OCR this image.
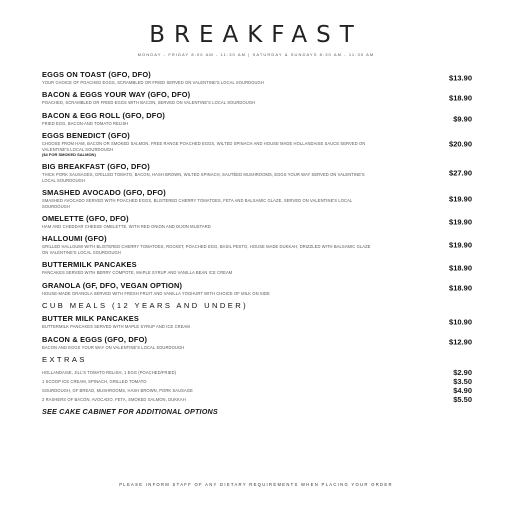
BREAKFAST
MONDAY - FRIDAY 8:00 AM - 11:30 AM | SATURDAY & SUNDAYS 8:30 AM - 11:30 AM
EGGS ON TOAST (GFO, DFO)	$13.90
YOUR CHOICE OF POACHED EGGS, SCRAMBLED OR FRIED SERVED ON VALENTINE'S LOCAL SOURDOUGH
BACON & EGGS YOUR WAY (GFO, DFO)	$18.90
POACHED, SCRAMBLED OR FRIED EGGS WITH BACON, SERVED ON VALENTINE'S LOCAL SOURDOUGH
BACON & EGG ROLL (GFO, DFO)	$9.90
FRIED EGG, BACON AND TOMATO RELISH
EGGS BENEDICT (GFO)
$20.90
CHOOSE FROM HAM, BACON OR SMOKED SALMON, FREE RANGE POACHED EGGS, WILTED SPINACH AND HOUSE MADE HOLLANDAISE SAUCE SERVED ON VALENTINE'S LOCAL SOURDOUGH
($4 FOR SMOKED SALMON)
BIG BREAKFAST (GFO, DFO)
$27.90
THICK PORK SAUSAGES, GRILLED TOMATO, BACON, HASH BROWN, WILTED SPINACH, SAUTÉED MUSHROOMS, EGGS YOUR WAY SERVED ON VALENTINE'S LOCAL SOURDOUGH
SMASHED AVOCADO (GFO, DFO)
$19.90
SMASHED AVOCADO SERVED WITH POACHED EGGS, BLISTERED CHERRY TOMATOES, FETA AND BALSAMIC GLAZE, SERVED ON VALENTINE'S LOCAL SOURDOUGH
OMELETTE (GFO, DFO)	$19.90
HAM AND CHEDDAR CHEESE OMELETTE, WITH RED ONION AND DIJON MUSTARD
HALLOUMI (GFO)
$19.90
GRILLED HALLOUMI WITH BLISTERED CHERRY TOMATOES, ROCKET, POACHED EGG, BASIL PESTO, HOUSE MADE DUKKAH, DRIZZLED WITH BALSAMIC GLAZE ON VALENTINE'S LOCAL SOURDOUGH
BUTTERMILK PANCAKES	$18.90
PANCAKES SERVED WITH BERRY COMPOTE, MAPLE SYRUP AND VANILLA BEAN ICE CREAM
GRANOLA (GF, DFO, VEGAN OPTION)	$18.90
HOUSE-MADE GRANOLA SERVED WITH FRESH FRUIT AND VANILLA YOGHURT WITH CHOICE OF MILK ON SIDE
CUB MEALS (12 YEARS AND UNDER)
BUTTER MILK PANCAKES	$10.90
BUTTERMILK PANCAKES SERVED WITH MAPLE SYRUP AND ICE CREAM
BACON & EGGS (GFO, DFO)	$12.90
BACON AND EGGS YOUR WAY ON VALENTINE'S LOCAL SOURDOUGH
EXTRAS
HOLLANDAISE, JILL'S TOMATO RELISH, 1 EGG (POACHED/FRIED)	$2.90
1 SCOOP ICE CREAM, SPINACH, GRILLED TOMATO	$3.50
SOURDOUGH, GF BREAD, MUSHROOMS, HASH BROWN, PORK SAUSAGE	$4.90
2 RASHERS OF BACON, AVOCADO, FETA, SMOKED SALMON, DUKKAH	$5.50
SEE CAKE CABINET FOR ADDITIONAL OPTIONS
PLEASE INFORM STAFF OF ANY DIETARY REQUIREMENTS WHEN PLACING YOUR ORDER
